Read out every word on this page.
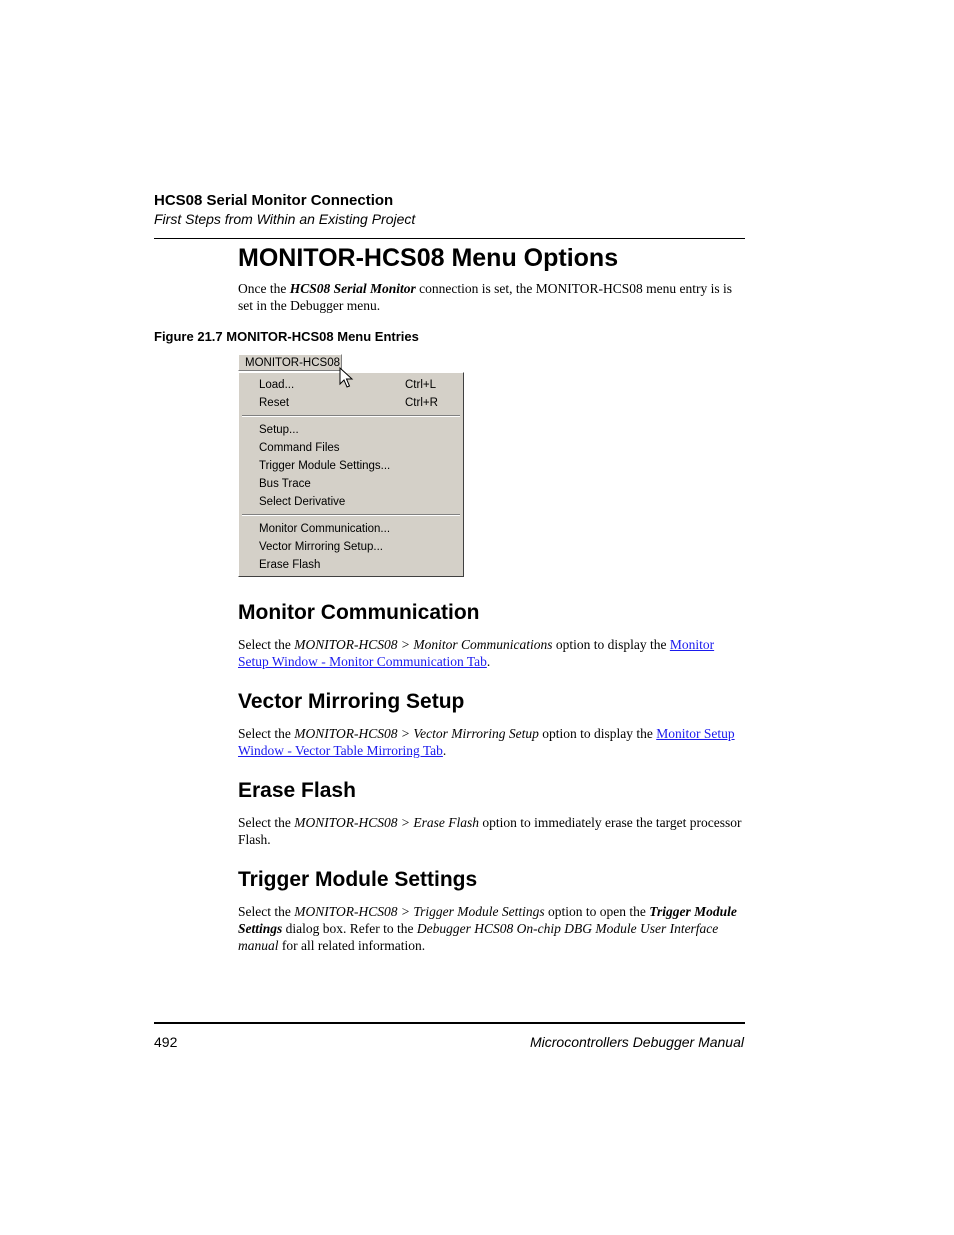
HCS08 Serial Monitor Connection
First Steps from Within an Existing Project
MONITOR-HCS08 Menu Options
Once the HCS08 Serial Monitor connection is set, the MONITOR-HCS08 menu entry is is set in the Debugger menu.
Figure 21.7 MONITOR-HCS08 Menu Entries
MONITOR-HCS08
Load...	Ctrl+L
Reset	Ctrl+R
Setup...
Command Files
Trigger Module Settings...
Bus Trace
Select Derivative
Monitor Communication...
Vector Mirroring Setup...
Erase Flash
Monitor Communication
Select the MONITOR-HCS08 > Monitor Communications option to display the Monitor Setup Window - Monitor Communication Tab.
Vector Mirroring Setup
Select the MONITOR-HCS08 > Vector Mirroring Setup option to display the Monitor Setup Window - Vector Table Mirroring Tab.
Erase Flash
Select the MONITOR-HCS08 > Erase Flash option to immediately erase the target processor Flash.
Trigger Module Settings
Select the MONITOR-HCS08 > Trigger Module Settings option to open the Trigger Module Settings dialog box. Refer to the Debugger HCS08 On-chip DBG Module User Interface manual for all related information.
492	Microcontrollers Debugger Manual
